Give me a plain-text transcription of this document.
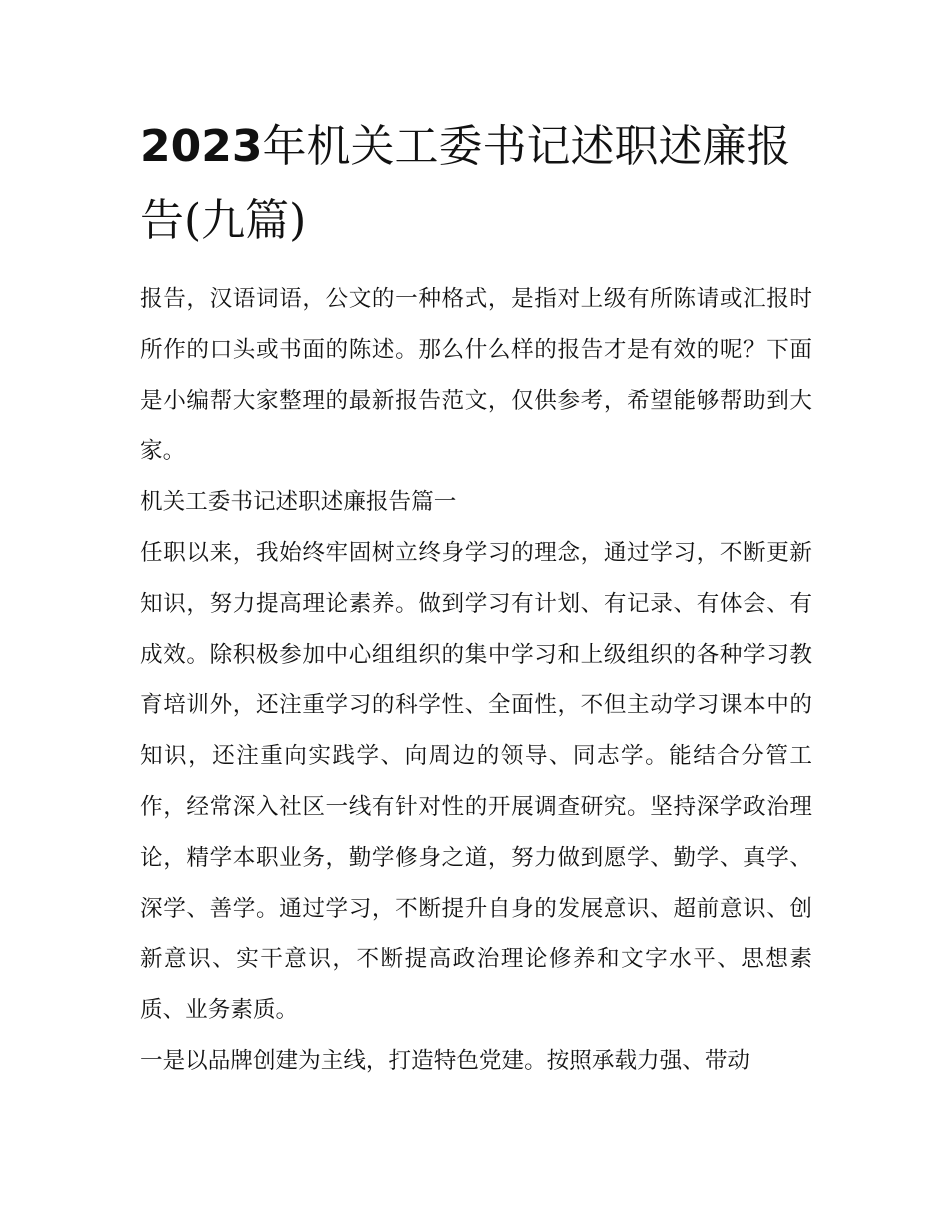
2023年机关工委书记述职述廉报告(九篇)

报告，汉语词语，公文的一种格式，是指对上级有所陈请或汇报时所作的口头或书面的陈述。那么什么样的报告才是有效的呢？下面是小编帮大家整理的最新报告范文，仅供参考，希望能够帮助到大家。

机关工委书记述职述廉报告篇一

任职以来，我始终牢固树立终身学习的理念，通过学习，不断更新知识，努力提高理论素养。做到学习有计划、有记录、有体会、有成效。除积极参加中心组组织的集中学习和上级组织的各种学习教育培训外，还注重学习的科学性、全面性，不但主动学习课本中的知识，还注重向实践学、向周边的领导、同志学。能结合分管工作，经常深入社区一线有针对性的开展调查研究。坚持深学政治理论，精学本职业务，勤学修身之道，努力做到愿学、勤学、真学、深学、善学。通过学习，不断提升自身的发展意识、超前意识、创新意识、实干意识，不断提高政治理论修养和文字水平、思想素质、业务素质。

一是以品牌创建为主线，打造特色党建。按照承载力强、带动
